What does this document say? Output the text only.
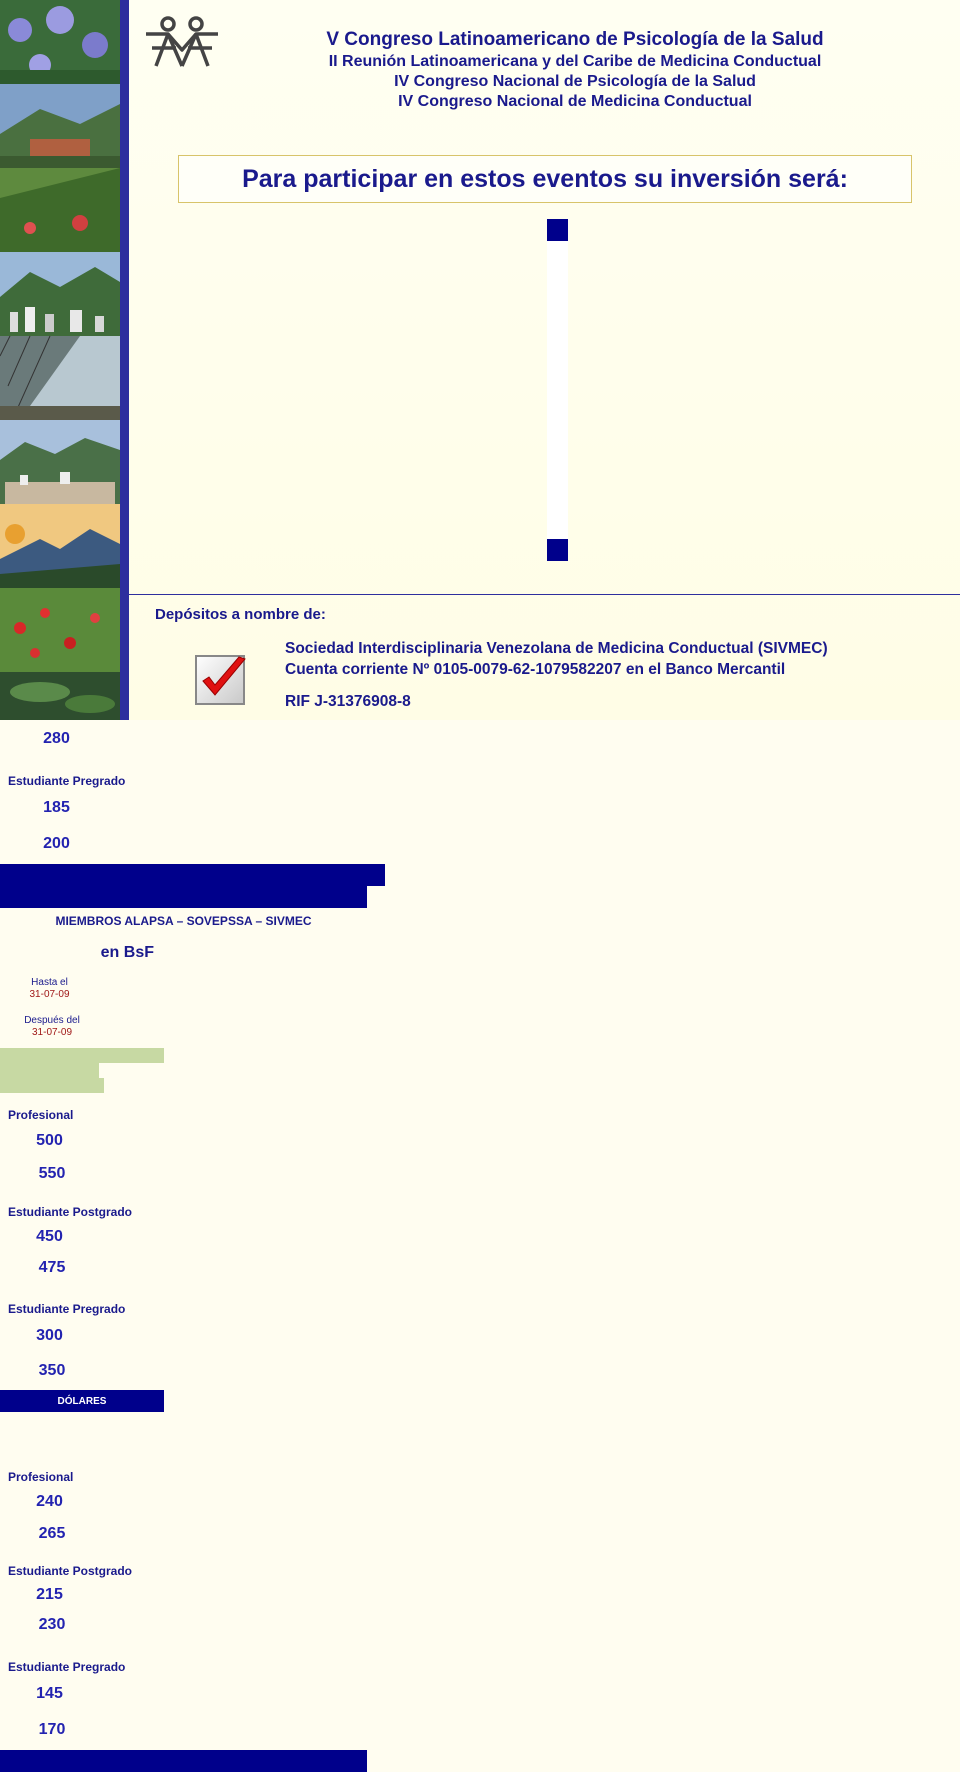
V Congreso Latinoamericano de Psicología de la Salud
II Reunión Latinoamericana y del Caribe de Medicina Conductual
IV Congreso Nacional de Psicología de la Salud
IV Congreso Nacional de Medicina Conductual
Para participar en estos eventos su inversión será:
280
Estudiante Pregrado
185
200
MIEMBROS ALAPSA – SOVEPSSA – SIVMEC
en BsF
Hasta el
31-07-09
Después del
31-07-09
Profesional
500
550
Estudiante Postgrado
450
475
Estudiante Pregrado
300
350
DÓLARES
Profesional
240
265
Estudiante Postgrado
215
230
Estudiante Pregrado
145
170
Depósitos a nombre de:
Sociedad Interdisciplinaria Venezolana de Medicina Conductual (SIVMEC)
Cuenta corriente Nº 0105-0079-62-1079582207 en el Banco Mercantil
RIF J-31376908-8
